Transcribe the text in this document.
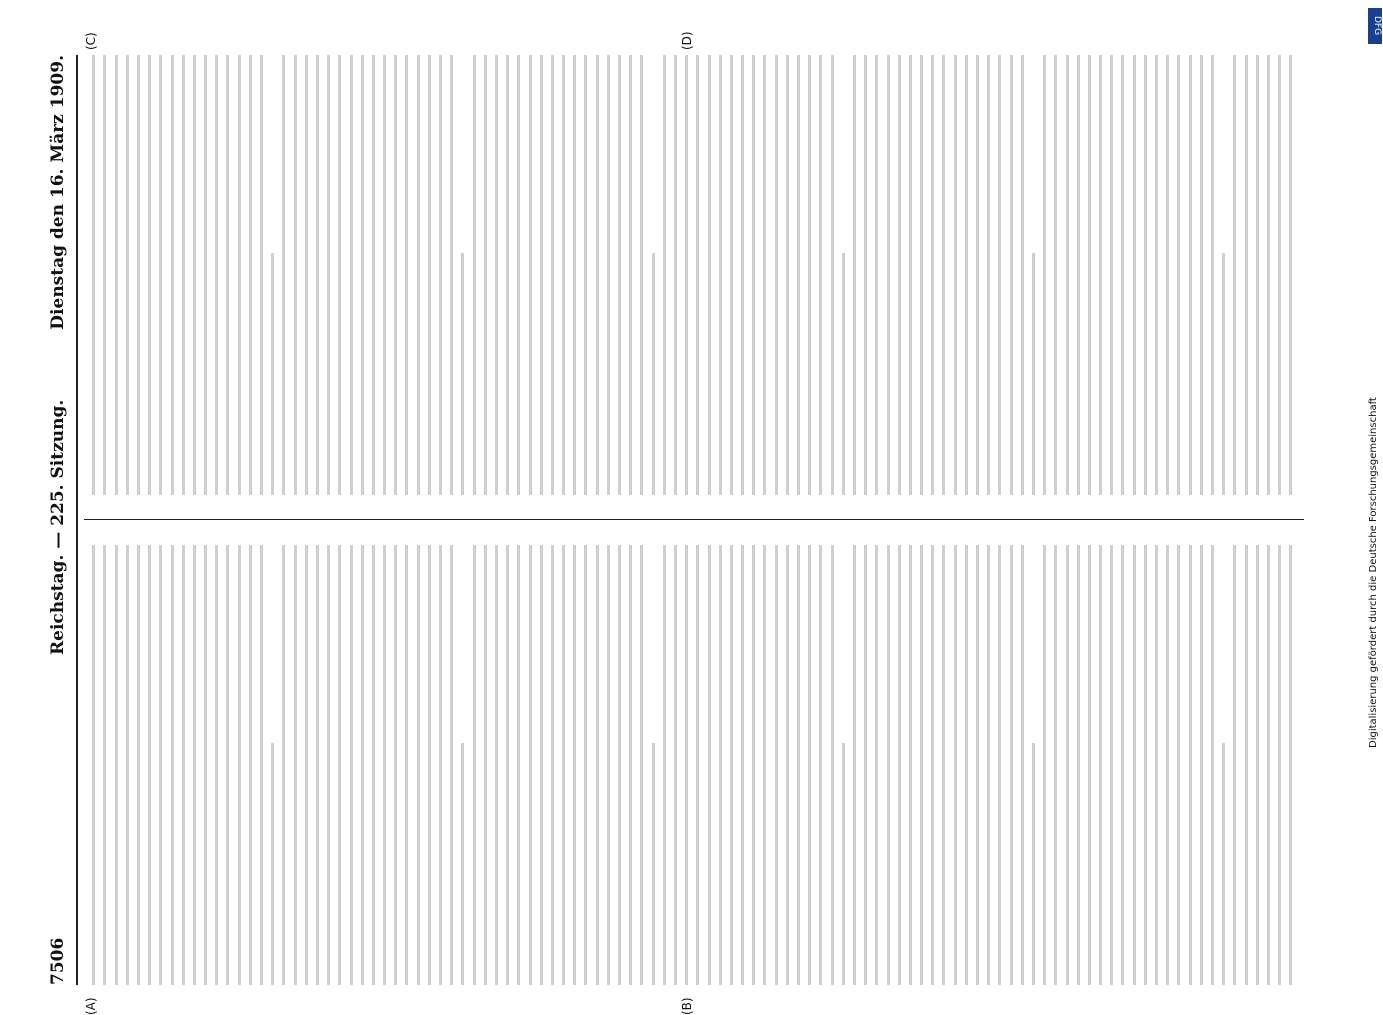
7506
Reichstag. — 225. Sitzung.
Dienstag den 16. März 1909.
(A)	(B)
(C)	(D)
DFG
Digitalisierung gefördert durch die Deutsche Forschungsgemeinschaft
